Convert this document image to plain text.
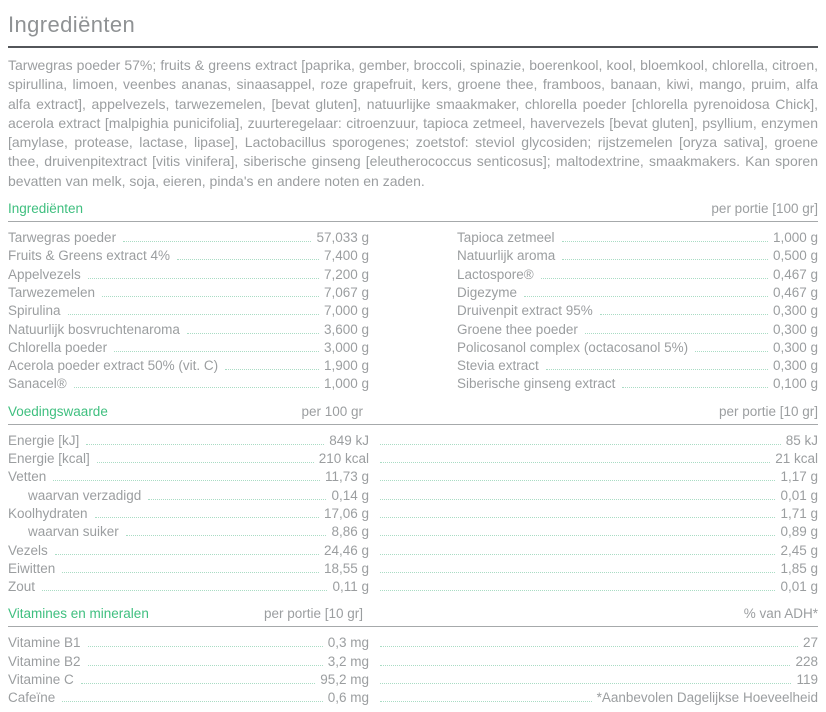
Ingrediënten

Tarwegras poeder 57%; fruits & greens extract [paprika, gember, broccoli, spinazie, boerenkool, kool, bloemkool, chlorella, citroen, spirullina, limoen, veenbes ananas, sinaasappel, roze grapefruit, kers, groene thee, framboos, banaan, kiwi, mango, pruim, alfa alfa extract], appelvezels, tarwezemelen, [bevat gluten], natuurlijke smaakmaker, chlorella poeder [chlorella pyrenoidosa Chick], acerola extract [malpighia punicifolia], zuurteregelaar: citroenzuur, tapioca zetmeel, havervezels [bevat gluten], psyllium, enzymen [amylase, protease, lactase, lipase], Lactobacillus sporogenes; zoetstof: steviol glycosiden; rijstzemelen [oryza sativa], groene thee, druivenpitextract [vitis vinifera], siberische ginseng [eleutherococcus senticosus]; maltodextrine, smaakmakers. Kan sporen bevatten van melk, soja, eieren, pinda's en andere noten en zaden.

Ingrediënten	per portie [100 gr]
Tarwegras poeder	57,033 g
Fruits & Greens extract 4%	7,400 g
Appelvezels	7,200 g
Tarwezemelen	7,067 g
Spirulina	7,000 g
Natuurlijk bosvruchtenaroma	3,600 g
Chlorella poeder	3,000 g
Acerola poeder extract 50% (vit. C)	1,900 g
Sanacel®	1,000 g
Tapioca zetmeel	1,000 g
Natuurlijk aroma	0,500 g
Lactospore®	0,467 g
Digezyme	0,467 g
Druivenpit extract 95%	0,300 g
Groene thee poeder	0,300 g
Policosanol complex (octacosanol 5%)	0,300 g
Stevia extract	0,300 g
Siberische ginseng extract	0,100 g
Voedingswaarde	per 100 gr	per portie [10 gr]
Energie [kJ]	849 kJ	85 kJ
Energie [kcal]	210 kcal	21 kcal
Vetten	11,73 g	1,17 g
waarvan verzadigd	0,14 g	0,01 g
Koolhydraten	17,06 g	1,71 g
waarvan suiker	8,86 g	0,89 g
Vezels	24,46 g	2,45 g
Eiwitten	18,55 g	1,85 g
Zout	0,11 g	0,01 g
Vitamines en mineralen	per portie [10 gr]	% van ADH*
Vitamine B1	0,3 mg	27
Vitamine B2	3,2 mg	228
Vitamine C	95,2 mg	119
Cafeïne	0,6 mg	*Aanbevolen Dagelijkse Hoeveelheid
